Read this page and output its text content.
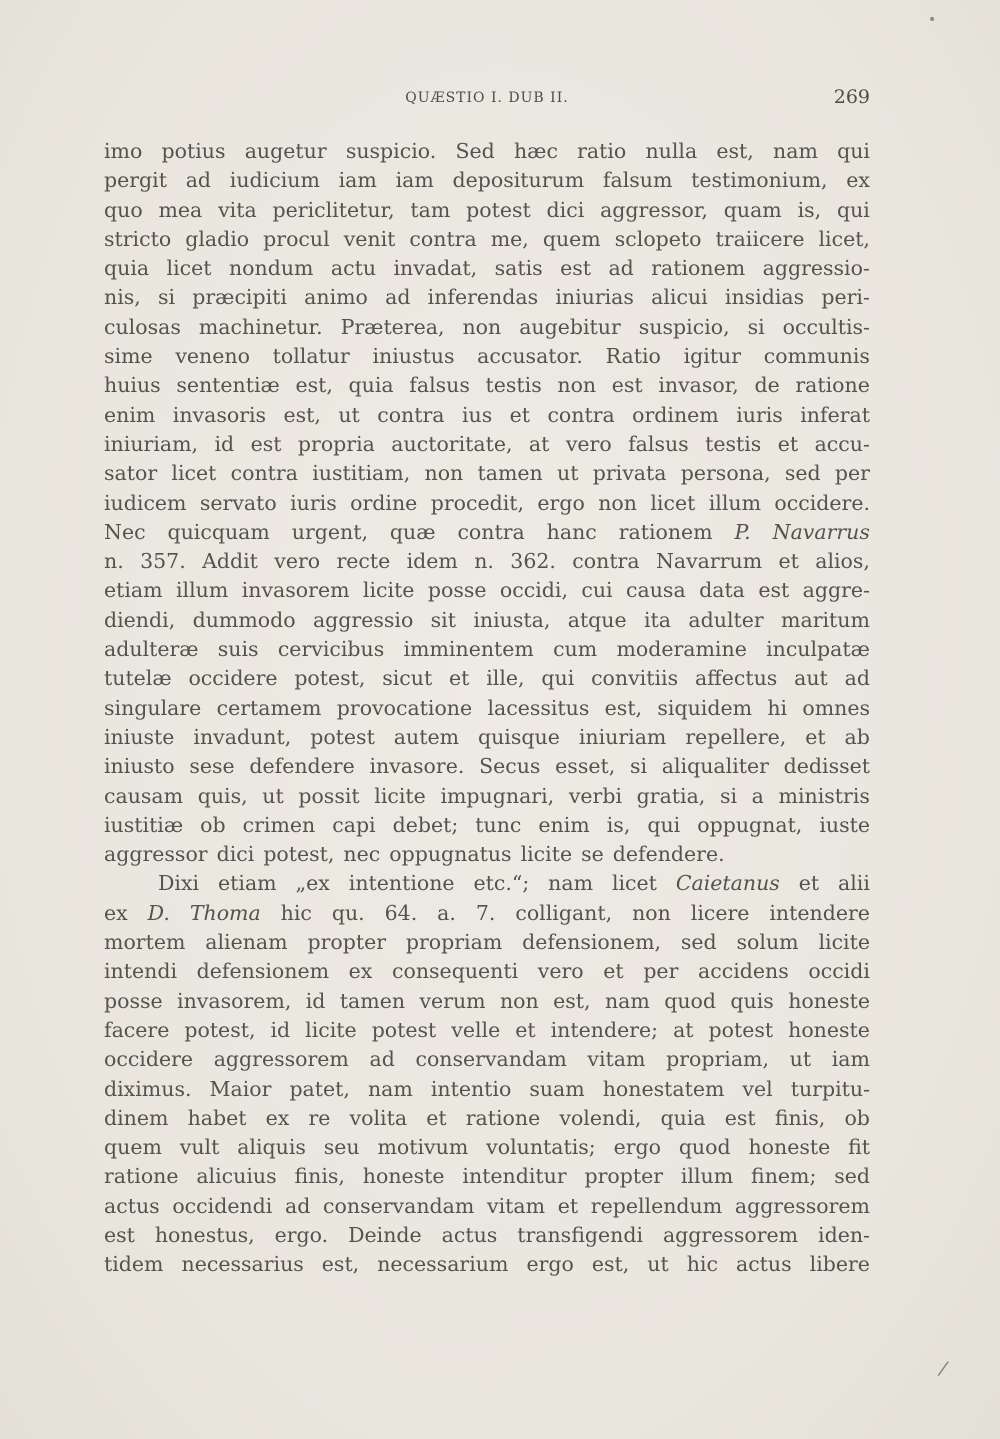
•
QUÆSTIO I. DUB II.	269
imo potius augetur suspicio. Sed hæc ratio nulla est, nam qui
pergit ad iudicium iam iam depositurum falsum testimonium, ex
quo mea vita periclitetur, tam potest dici aggressor, quam is, qui
stricto gladio procul venit contra me, quem sclopeto traiicere licet,
quia licet nondum actu invadat, satis est ad rationem aggressio-
nis, si præcipiti animo ad inferendas iniurias alicui insidias peri-
culosas machinetur. Præterea, non augebitur suspicio, si occultis-
sime veneno tollatur iniustus accusator. Ratio igitur communis
huius sententiæ est, quia falsus testis non est invasor, de ratione
enim invasoris est, ut contra ius et contra ordinem iuris inferat
iniuriam, id est propria auctoritate, at vero falsus testis et accu-
sator licet contra iustitiam, non tamen ut privata persona, sed per
iudicem servato iuris ordine procedit, ergo non licet illum occidere.
Nec quicquam urgent, quæ contra hanc rationem P. Navarrus
n. 357. Addit vero recte idem n. 362. contra Navarrum et alios,
etiam illum invasorem licite posse occidi, cui causa data est aggre-
diendi, dummodo aggressio sit iniusta, atque ita adulter maritum
adulteræ suis cervicibus imminentem cum moderamine inculpatæ
tutelæ occidere potest, sicut et ille, qui convitiis affectus aut ad
singulare certamem provocatione lacessitus est, siquidem hi omnes
iniuste invadunt, potest autem quisque iniuriam repellere, et ab
iniusto sese defendere invasore. Secus esset, si aliqualiter dedisset
causam quis, ut possit licite impugnari, verbi gratia, si a ministris
iustitiæ ob crimen capi debet; tunc enim is, qui oppugnat, iuste
aggressor dici potest, nec oppugnatus licite se defendere.
Dixi etiam „ex intentione etc.“; nam licet Caietanus et alii
ex D. Thoma hic qu. 64. a. 7. colligant, non licere intendere
mortem alienam propter propriam defensionem, sed solum licite
intendi defensionem ex consequenti vero et per accidens occidi
posse invasorem, id tamen verum non est, nam quod quis honeste
facere potest, id licite potest velle et intendere; at potest honeste
occidere aggressorem ad conservandam vitam propriam, ut iam
diximus. Maior patet, nam intentio suam honestatem vel turpitu-
dinem habet ex re volita et ratione volendi, quia est finis, ob
quem vult aliquis seu motivum voluntatis; ergo quod honeste fit
ratione alicuius finis, honeste intenditur propter illum finem; sed
actus occidendi ad conservandam vitam et repellendum aggressorem
est honestus, ergo. Deinde actus transfigendi aggressorem iden-
tidem necessarius est, necessarium ergo est, ut hic actus libere
/
